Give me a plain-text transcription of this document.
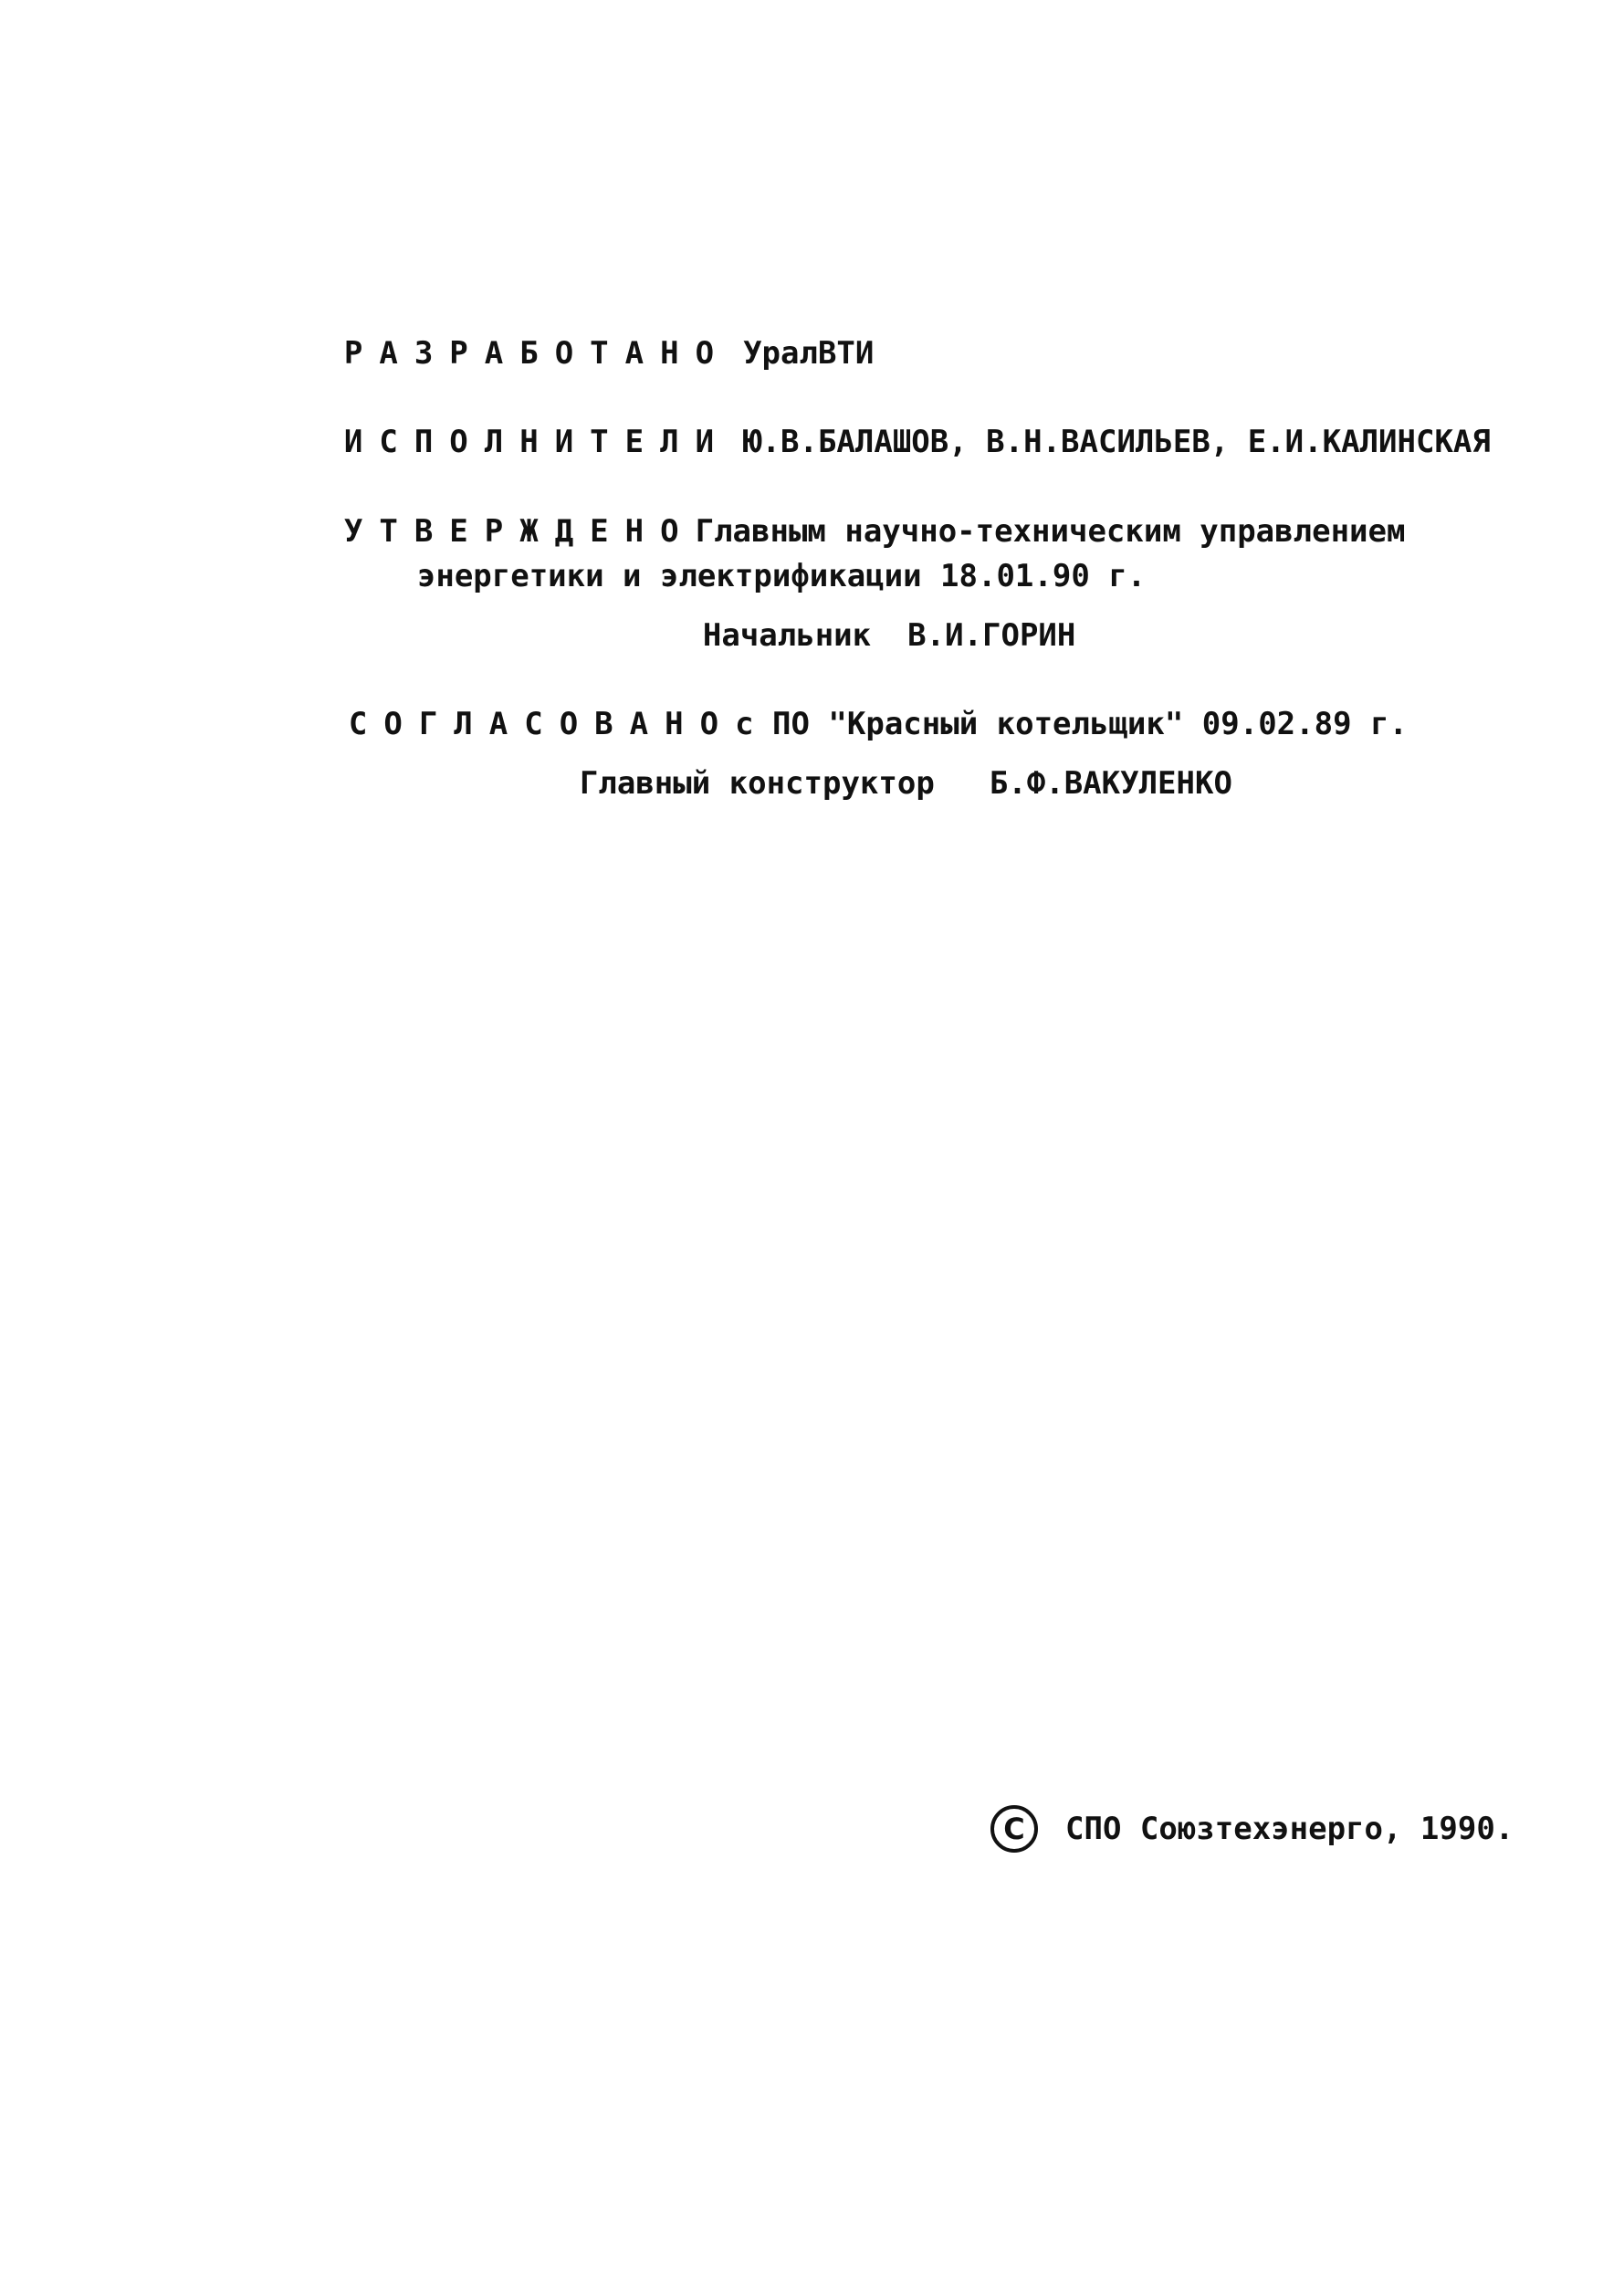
РАЗРАБОТАНО УралВТИ

ИСПОЛНИТЕЛИ Ю.В.БАЛАШОВ, В.Н.ВАСИЛЬЕВ, Е.И.КАЛИНСКАЯ

УТВЕРЖДЕНОГлавным научно-техническим управлением

энергетики и электрификации 18.01.90 г.

Начальник В.И.ГОРИН

СОГЛАСОВАНОс ПО "Красный котельщик" 09.02.89 г.

Главный конструктор Б.Ф.ВАКУЛЕНКО

C	СПО Союзтехэнерго, 1990.
